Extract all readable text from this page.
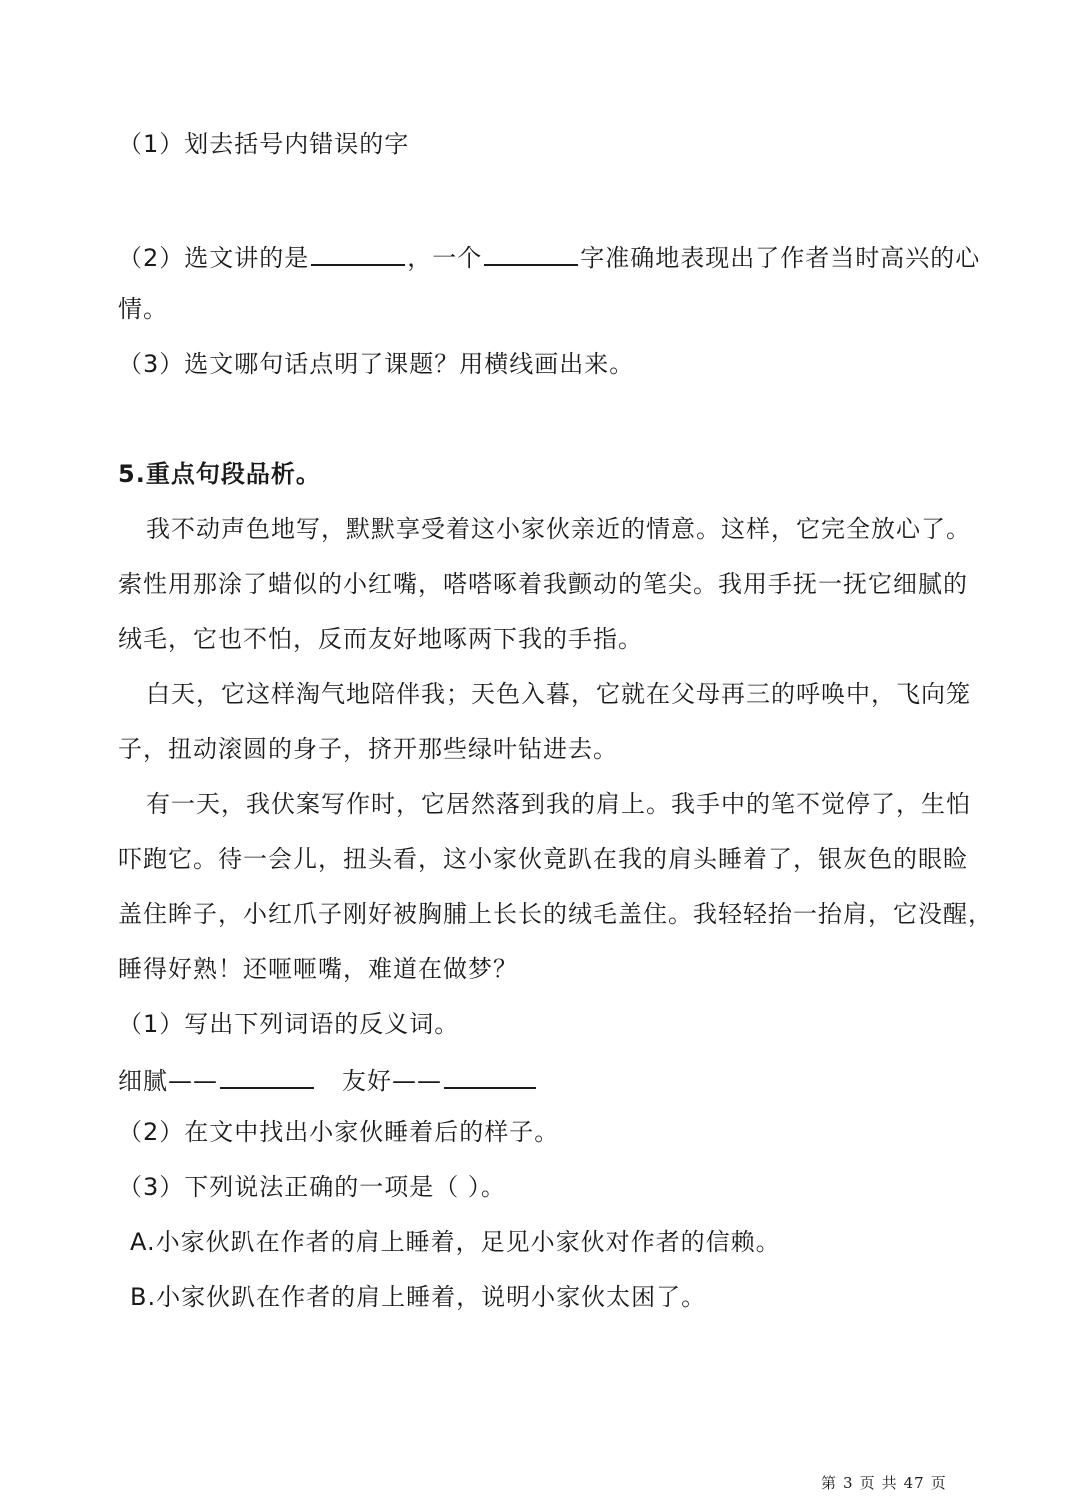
（1）划去括号内错误的字
（2）选文讲的是	，一个	字准确地表现出了作者当时高兴的心
情。
（3）选文哪句话点明了课题？用横线画出来。
5.重点句段品析。
我不动声色地写，默默享受着这小家伙亲近的情意。这样，它完全放心了。
索性用那涂了蜡似的小红嘴，嗒嗒啄着我颤动的笔尖。我用手抚一抚它细腻的
绒毛，它也不怕，反而友好地啄两下我的手指。
白天，它这样淘气地陪伴我；天色入暮，它就在父母再三的呼唤中，飞向笼
子，扭动滚圆的身子，挤开那些绿叶钻进去。
有一天，我伏案写作时，它居然落到我的肩上。我手中的笔不觉停了，生怕
吓跑它。待一会儿，扭头看，这小家伙竟趴在我的肩头睡着了，银灰色的眼睑
盖住眸子，小红爪子刚好被胸脯上长长的绒毛盖住。我轻轻抬一抬肩，它没醒，
睡得好熟！还咂咂嘴，难道在做梦？
（1）写出下列词语的反义词。
细腻——	友好——
（2）在文中找出小家伙睡着后的样子。
（3）下列说法正确的一项是（ ）。
A.小家伙趴在作者的肩上睡着，足见小家伙对作者的信赖。
B.小家伙趴在作者的肩上睡着，说明小家伙太困了。
第 3 页 共 47 页
